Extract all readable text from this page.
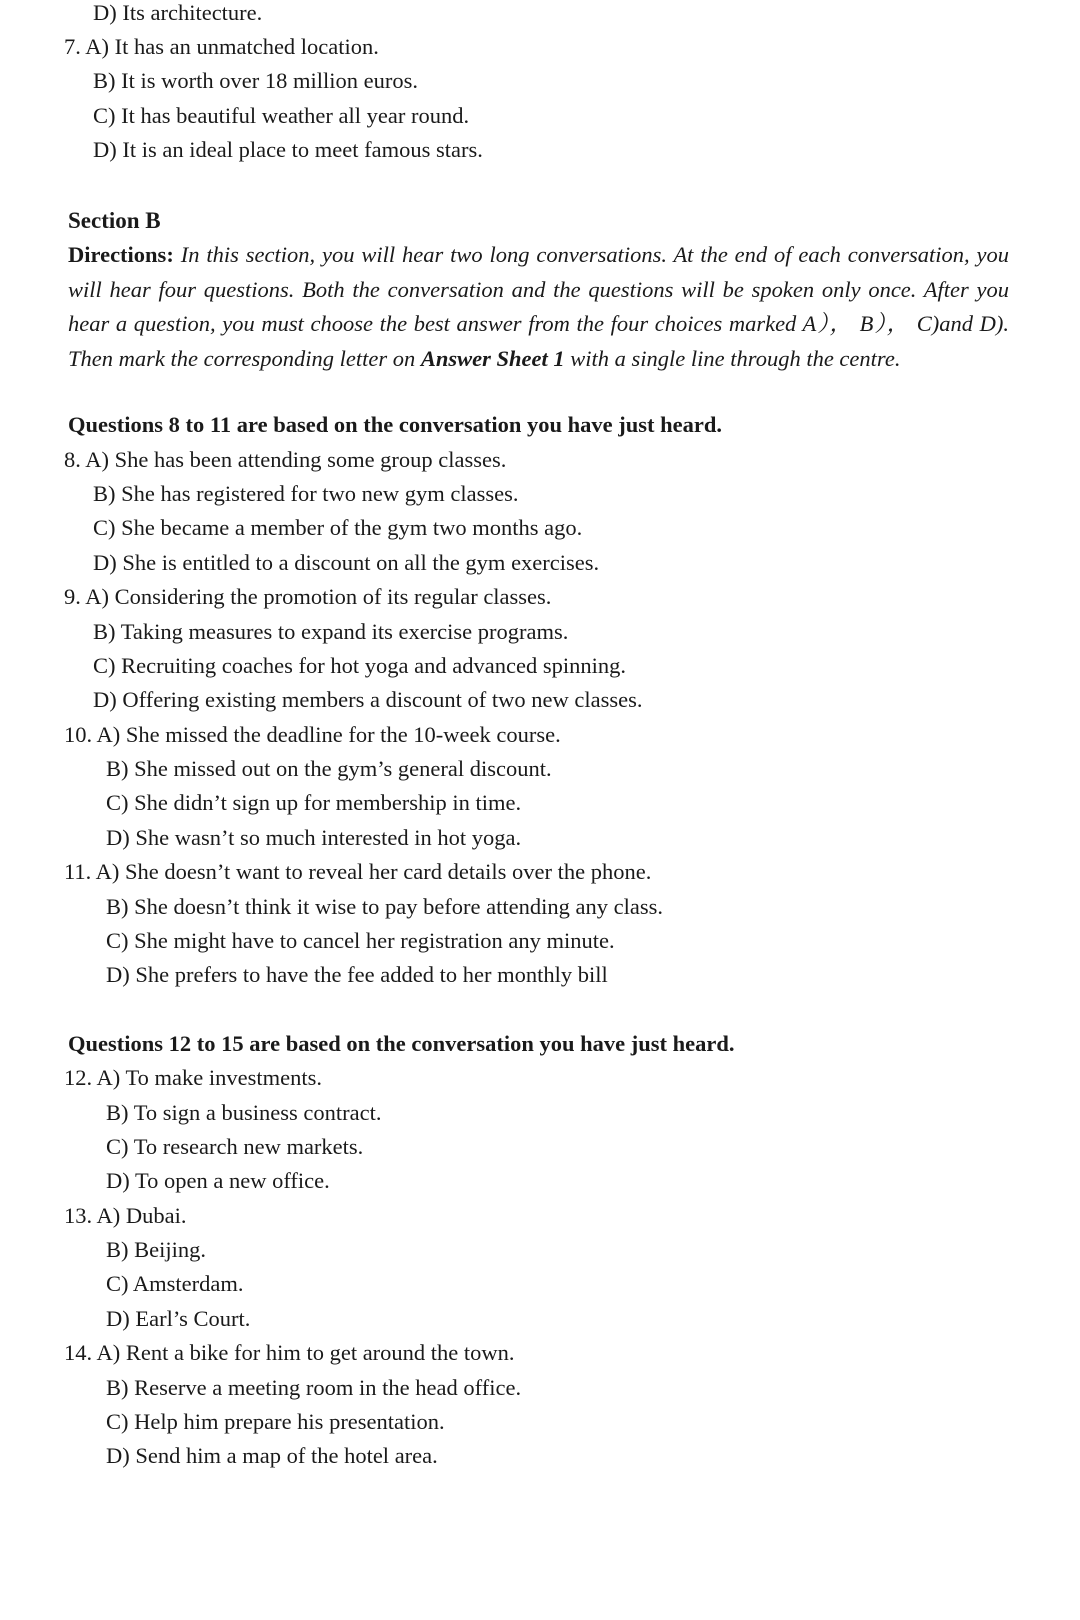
D) Its architecture.
7. A) It has an unmatched location.
B) It is worth over 18 million euros.
C) It has beautiful weather all year round.
D) It is an ideal place to meet famous stars.
Section B
Directions: In this section, you will hear two long conversations. At the end of each conversation, you will hear four questions. Both the conversation and the questions will be spoken only once. After you hear a question, you must choose the best answer from the four choices marked A）， B）， C)and D). Then mark the corresponding letter on Answer Sheet 1 with a single line through the centre.
Questions 8 to 11 are based on the conversation you have just heard.
8. A) She has been attending some group classes.
B) She has registered for two new gym classes.
C) She became a member of the gym two months ago.
D) She is entitled to a discount on all the gym exercises.
9. A) Considering the promotion of its regular classes.
B) Taking measures to expand its exercise programs.
C) Recruiting coaches for hot yoga and advanced spinning.
D) Offering existing members a discount of two new classes.
10. A) She missed the deadline for the 10-week course.
B) She missed out on the gym’s general discount.
C) She didn’t sign up for membership in time.
D) She wasn’t so much interested in hot yoga.
11. A) She doesn’t want to reveal her card details over the phone.
B) She doesn’t think it wise to pay before attending any class.
C) She might have to cancel her registration any minute.
D) She prefers to have the fee added to her monthly bill
Questions 12 to 15 are based on the conversation you have just heard.
12. A) To make investments.
B) To sign a business contract.
C) To research new markets.
D) To open a new office.
13. A) Dubai.
B) Beijing.
C) Amsterdam.
D) Earl’s Court.
14. A) Rent a bike for him to get around the town.
B) Reserve a meeting room in the head office.
C) Help him prepare his presentation.
D) Send him a map of the hotel area.
